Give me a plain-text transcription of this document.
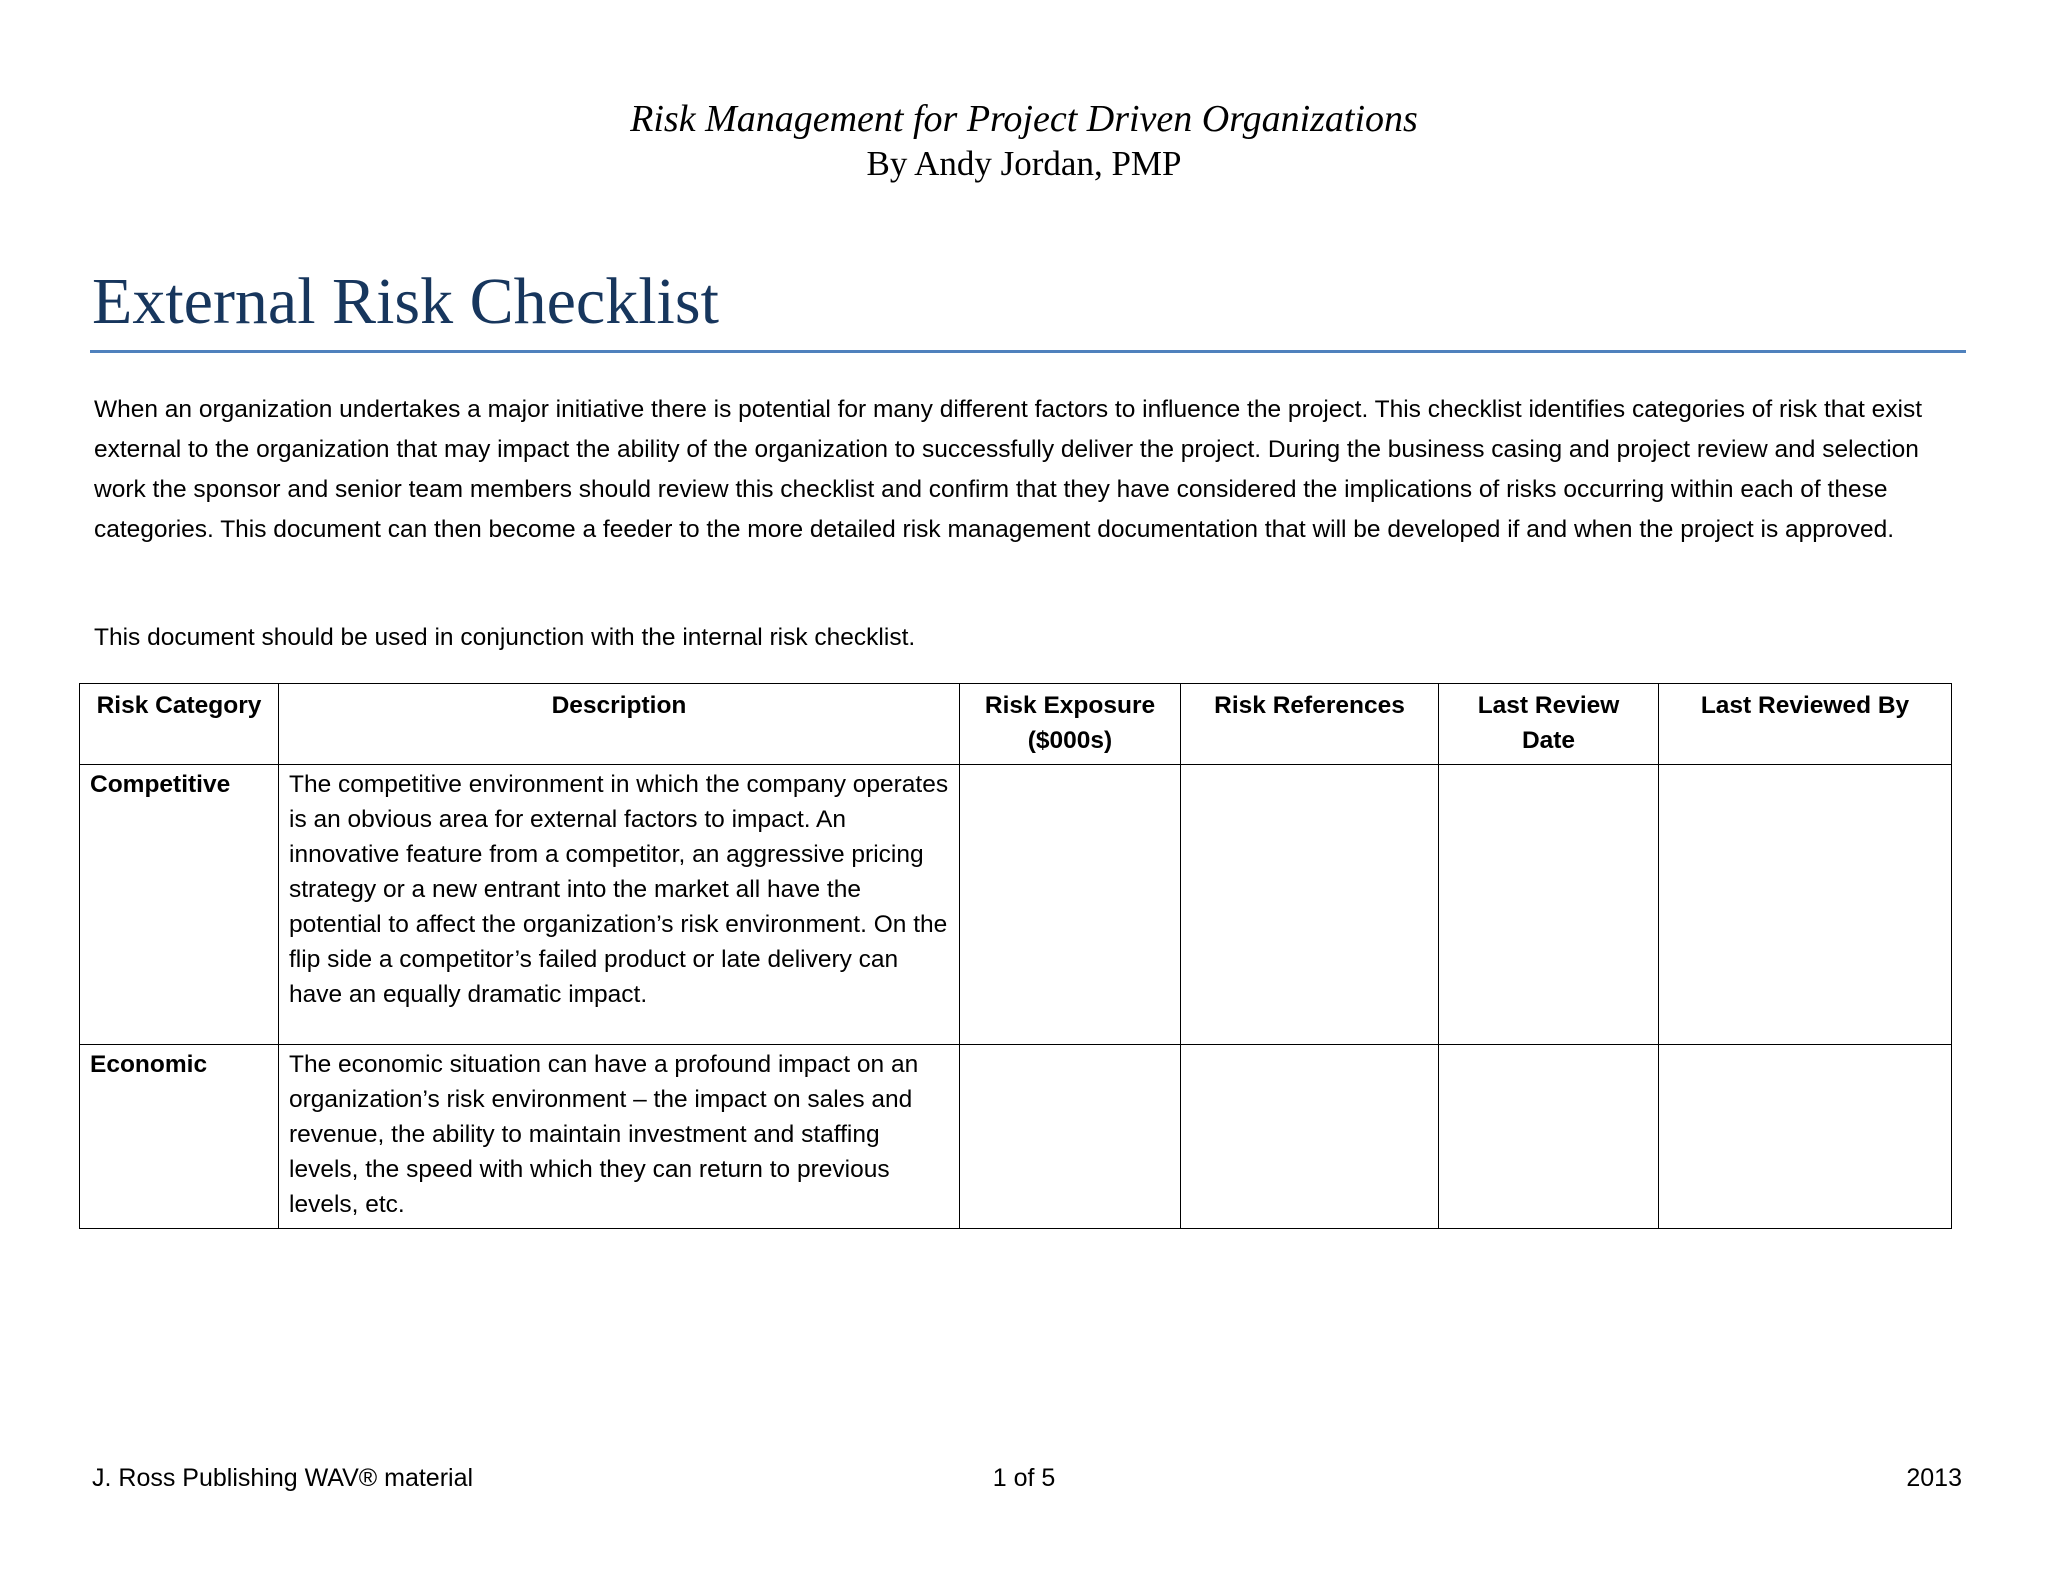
Risk Management for Project Driven Organizations
By Andy Jordan, PMP
External Risk Checklist

When an organization undertakes a major initiative there is potential for many different factors to influence the project. This checklist identifies categories of risk that exist external to the organization that may impact the ability of the organization to successfully deliver the project. During the business casing and project review and selection work the sponsor and senior team members should review this checklist and confirm that they have considered the implications of risks occurring within each of these categories. This document can then become a feeder to the more detailed risk management documentation that will be developed if and when the project is approved.

This document should be used in conjunction with the internal risk checklist.

Risk Category	Description	Risk Exposure ($000s)	Risk References	Last Review Date	Last Reviewed By
Competitive	The competitive environment in which the company operates is an obvious area for external factors to impact. An innovative feature from a competitor, an aggressive pricing strategy or a new entrant into the market all have the potential to affect the organization’s risk environment. On the flip side a competitor’s failed product or late delivery can have an equally dramatic impact.				
Economic	The economic situation can have a profound impact on an organization’s risk environment – the impact on sales and revenue, the ability to maintain investment and staffing levels, the speed with which they can return to previous levels, etc.				
J. Ross Publishing WAV® material	1 of 5	2013
